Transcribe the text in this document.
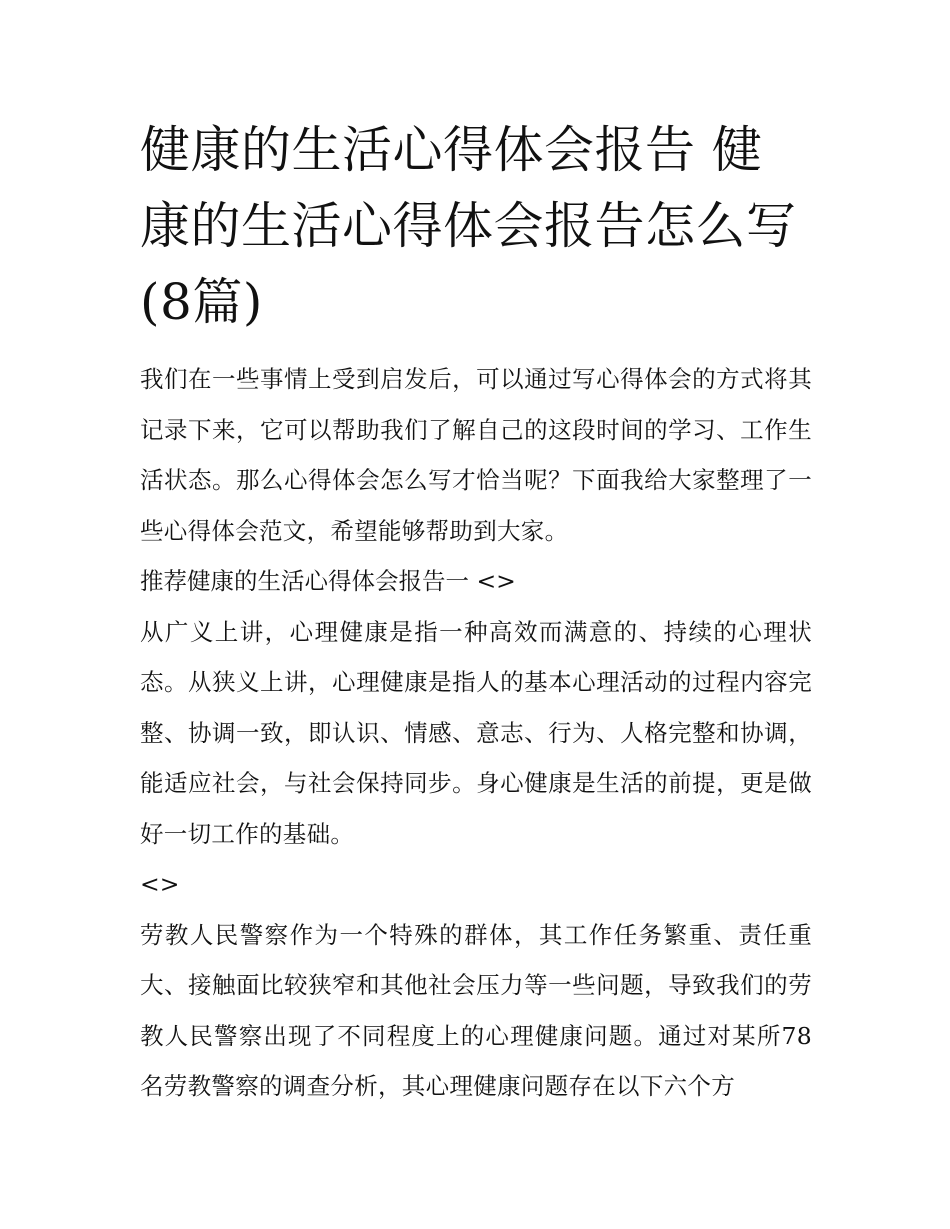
健康的生活心得体会报告 健康的生活心得体会报告怎么写(8篇)

我们在一些事情上受到启发后，可以通过写心得体会的方式将其记录下来，它可以帮助我们了解自己的这段时间的学习、工作生活状态。那么心得体会怎么写才恰当呢？下面我给大家整理了一些心得体会范文，希望能够帮助到大家。

推荐健康的生活心得体会报告一 <>

从广义上讲，心理健康是指一种高效而满意的、持续的心理状态。从狭义上讲，心理健康是指人的基本心理活动的过程内容完整、协调一致，即认识、情感、意志、行为、人格完整和协调，能适应社会，与社会保持同步。身心健康是生活的前提，更是做好一切工作的基础。

<>

劳教人民警察作为一个特殊的群体，其工作任务繁重、责任重大、接触面比较狭窄和其他社会压力等一些问题，导致我们的劳教人民警察出现了不同程度上的心理健康问题。通过对某所78名劳教警察的调查分析，其心理健康问题存在以下六个方
